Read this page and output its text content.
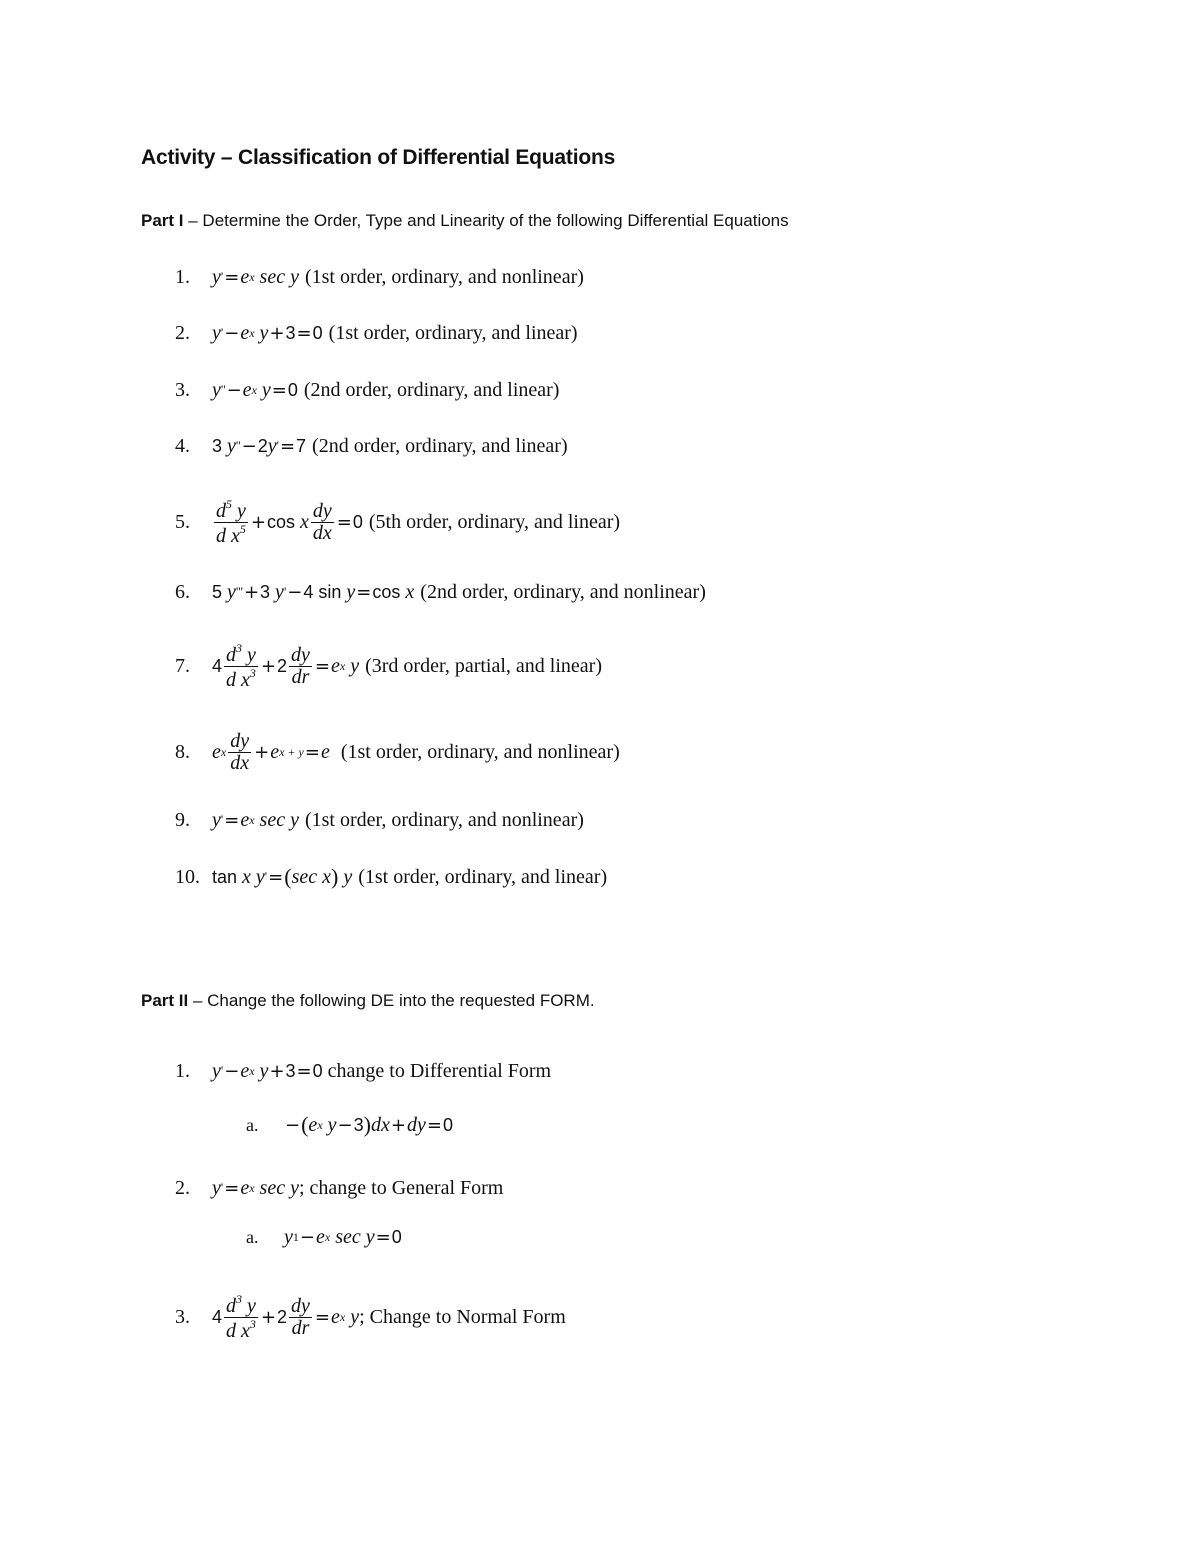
Activity – Classification of Differential Equations
Part I – Determine the Order, Type and Linearity of the following Differential Equations
1.	y ' = e x sec y (1st order, ordinary, and nonlinear)
2.	y ' − e x y + 3 = 0 (1st order, ordinary, and linear)
3.	y '' − e x y = 0 (2nd order, ordinary, and linear)
4.	3 y '' − 2 y ' = 7 (2nd order, ordinary, and linear)
5.	$\frac{d^5 y}{d x^5} + \cos x \frac{dy}{dx} = 0$ (5th order, ordinary, and linear)
6.	5 y ''' + 3 y ' − 4 sin y = cos x (2nd order, ordinary, and nonlinear)
7.	$4 \frac{d^3 y}{d x^3} + 2 \frac{dy}{dr} = e$ x y (3rd order, partial, and linear)
8.	e x $\frac{dy}{dx} + e$ x + y = e (1st order, ordinary, and nonlinear)
9.	y ' = e x sec y (1st order, ordinary, and nonlinear)
10. tan x y ' = ( sec x ) y (1st order, ordinary, and linear)
Part II – Change the following DE into the requested FORM.
1.	y ' − e x y + 3 = 0 change to Differential Form
a.	− ( e x y − 3 ) dx + dy = 0
2.	y ' = e x sec y ; change to General Form
a.	y 1 − e x sec y = 0
3.	$4 \frac{d^3 y}{d x^3} + 2 \frac{dy}{dr} = e$ x y ; Change to Normal Form
